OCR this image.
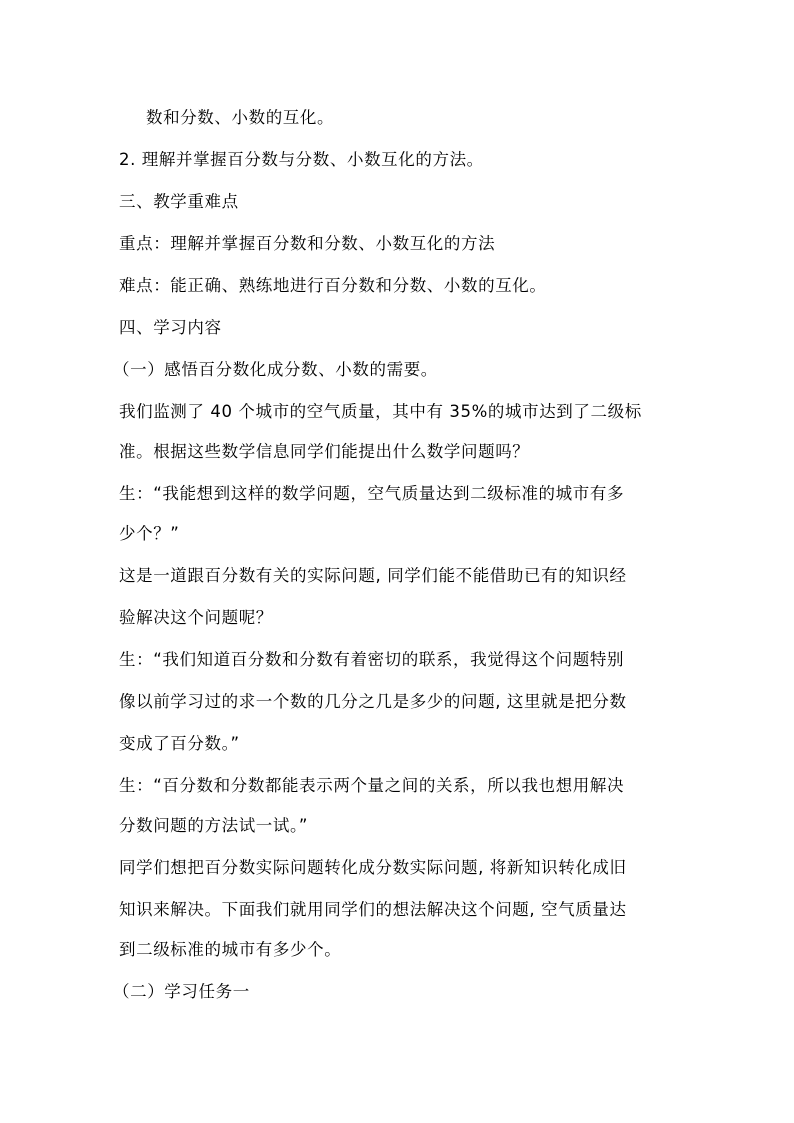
数和分数、小数的互化。
2. 理解并掌握百分数与分数、小数互化的方法。
三、教学重难点
重点：理解并掌握百分数和分数、小数互化的方法
难点：能正确、熟练地进行百分数和分数、小数的互化。
四、学习内容
（一）感悟百分数化成分数、小数的需要。
我们监测了 40 个城市的空气质量，其中有 35%的城市达到了二级标
准。根据这些数学信息同学们能提出什么数学问题吗？
生：“我能想到这样的数学问题，空气质量达到二级标准的城市有多
少个？”
这是一道跟百分数有关的实际问题, 同学们能不能借助已有的知识经
验解决这个问题呢？
生：“我们知道百分数和分数有着密切的联系，我觉得这个问题特别
像以前学习过的求一个数的几分之几是多少的问题, 这里就是把分数
变成了百分数。”
生：“百分数和分数都能表示两个量之间的关系，所以我也想用解决
分数问题的方法试一试。”
同学们想把百分数实际问题转化成分数实际问题, 将新知识转化成旧
知识来解决。下面我们就用同学们的想法解决这个问题, 空气质量达
到二级标准的城市有多少个。
（二）学习任务一
